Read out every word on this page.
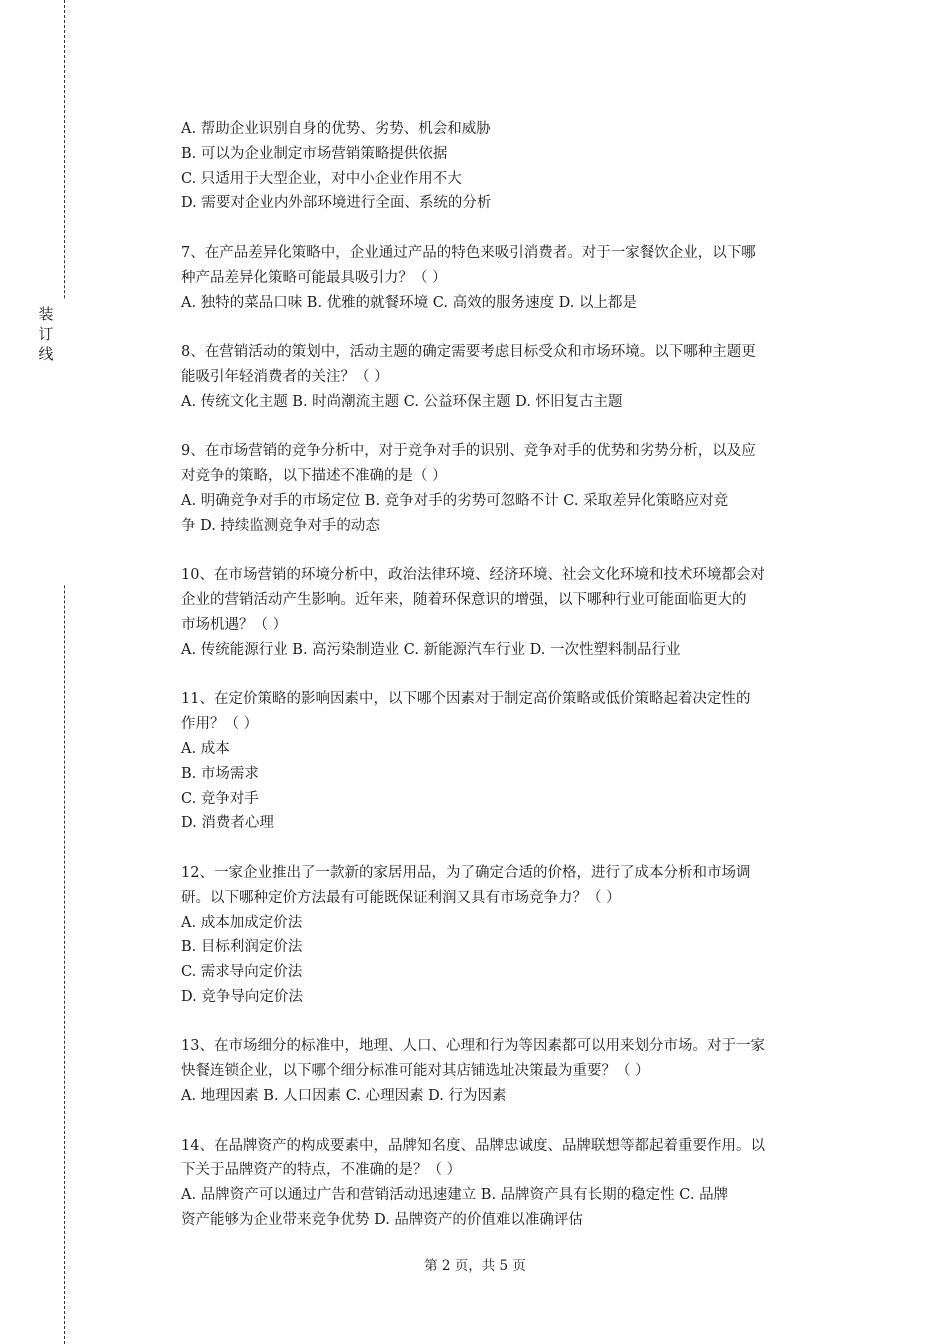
装
订
线
A. 帮助企业识别自身的优势、劣势、机会和威胁
B. 可以为企业制定市场营销策略提供依据
C. 只适用于大型企业，对中小企业作用不大
D. 需要对企业内外部环境进行全面、系统的分析
7、在产品差异化策略中，企业通过产品的特色来吸引消费者。对于一家餐饮企业，以下哪
种产品差异化策略可能最具吸引力？（ ）
A. 独特的菜品口味 B. 优雅的就餐环境 C. 高效的服务速度 D. 以上都是
8、在营销活动的策划中，活动主题的确定需要考虑目标受众和市场环境。以下哪种主题更
能吸引年轻消费者的关注？（ ）
A. 传统文化主题 B. 时尚潮流主题 C. 公益环保主题 D. 怀旧复古主题
9、在市场营销的竞争分析中，对于竞争对手的识别、竞争对手的优势和劣势分析，以及应
对竞争的策略，以下描述不准确的是（ ）
A. 明确竞争对手的市场定位 B. 竞争对手的劣势可忽略不计 C. 采取差异化策略应对竞
争 D. 持续监测竞争对手的动态
10、在市场营销的环境分析中，政治法律环境、经济环境、社会文化环境和技术环境都会对
企业的营销活动产生影响。近年来，随着环保意识的增强，以下哪种行业可能面临更大的
市场机遇？（ ）
A. 传统能源行业 B. 高污染制造业 C. 新能源汽车行业 D. 一次性塑料制品行业
11、在定价策略的影响因素中，以下哪个因素对于制定高价策略或低价策略起着决定性的
作用？（ ）
A. 成本
B. 市场需求
C. 竞争对手
D. 消费者心理
12、一家企业推出了一款新的家居用品，为了确定合适的价格，进行了成本分析和市场调
研。以下哪种定价方法最有可能既保证利润又具有市场竞争力？（ ）
A. 成本加成定价法
B. 目标利润定价法
C. 需求导向定价法
D. 竞争导向定价法
13、在市场细分的标准中，地理、人口、心理和行为等因素都可以用来划分市场。对于一家
快餐连锁企业，以下哪个细分标准可能对其店铺选址决策最为重要？（ ）
A. 地理因素 B. 人口因素 C. 心理因素 D. 行为因素
14、在品牌资产的构成要素中，品牌知名度、品牌忠诚度、品牌联想等都起着重要作用。以
下关于品牌资产的特点，不准确的是？（ ）
A. 品牌资产可以通过广告和营销活动迅速建立 B. 品牌资产具有长期的稳定性 C. 品牌
资产能够为企业带来竞争优势 D. 品牌资产的价值难以准确评估
第 2 页，共 5 页
